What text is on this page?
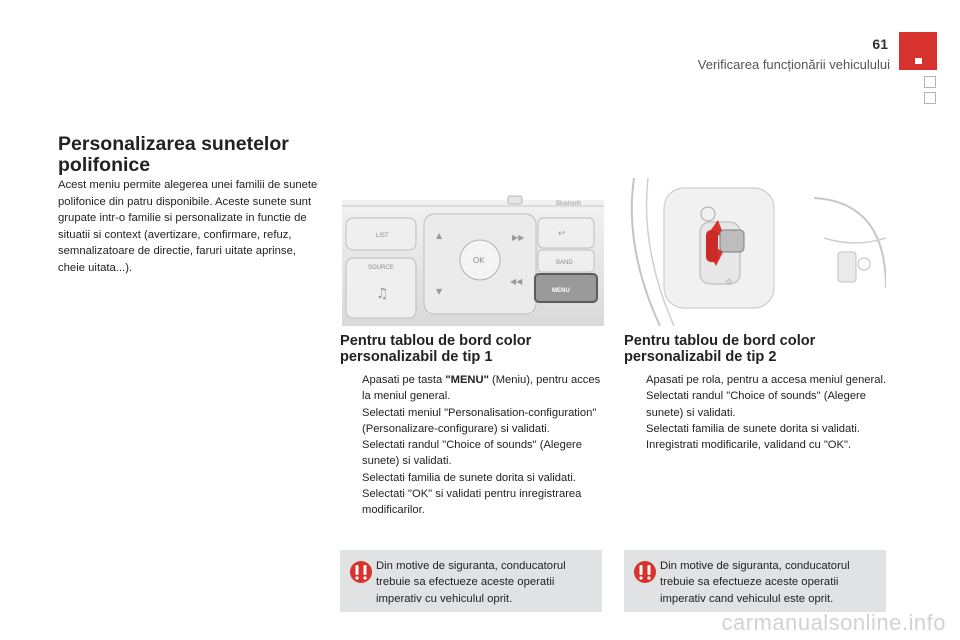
61
Verificarea funcționării vehiculului
Personalizarea sunetelor polifonice
Acest meniu permite alegerea unei familii de sunete polifonice din patru disponibile. Aceste sunete sunt grupate intr-o familie si personalizate in functie de situatii si context (avertizare, confirmare, refuz, semnalizatoare de directie, faruri uitate aprinse, cheie uitata...).
Bluetooth
LIST
SOURCE
♫
OK
▲
▼
▶▶
◀◀
↩
BAND
MENU
✧
Pentru tablou de bord color personalizabil de tip 1
Apasati pe tasta "MENU" (Meniu), pentru acces la meniul general.
Selectati meniul "Personalisation-configuration" (Personalizare-configurare) si validati.
Selectati randul "Choice of sounds" (Alegere sunete) si validati.
Selectati familia de sunete dorita si validati.
Selectati "OK" si validati pentru inregistrarea modificarilor.
Pentru tablou de bord color personalizabil de tip 2
Apasati pe rola, pentru a accesa meniul general.
Selectati randul "Choice of sounds" (Alegere sunete) si validati.
Selectati familia de sunete dorita si validati.
Inregistrati modificarile, validand cu "OK".
Din motive de siguranta, conducatorul trebuie sa efectueze aceste operatii imperativ cu vehiculul oprit.
Din motive de siguranta, conducatorul trebuie sa efectueze aceste operatii imperativ cand vehiculul este oprit.
carmanualsonline.info
